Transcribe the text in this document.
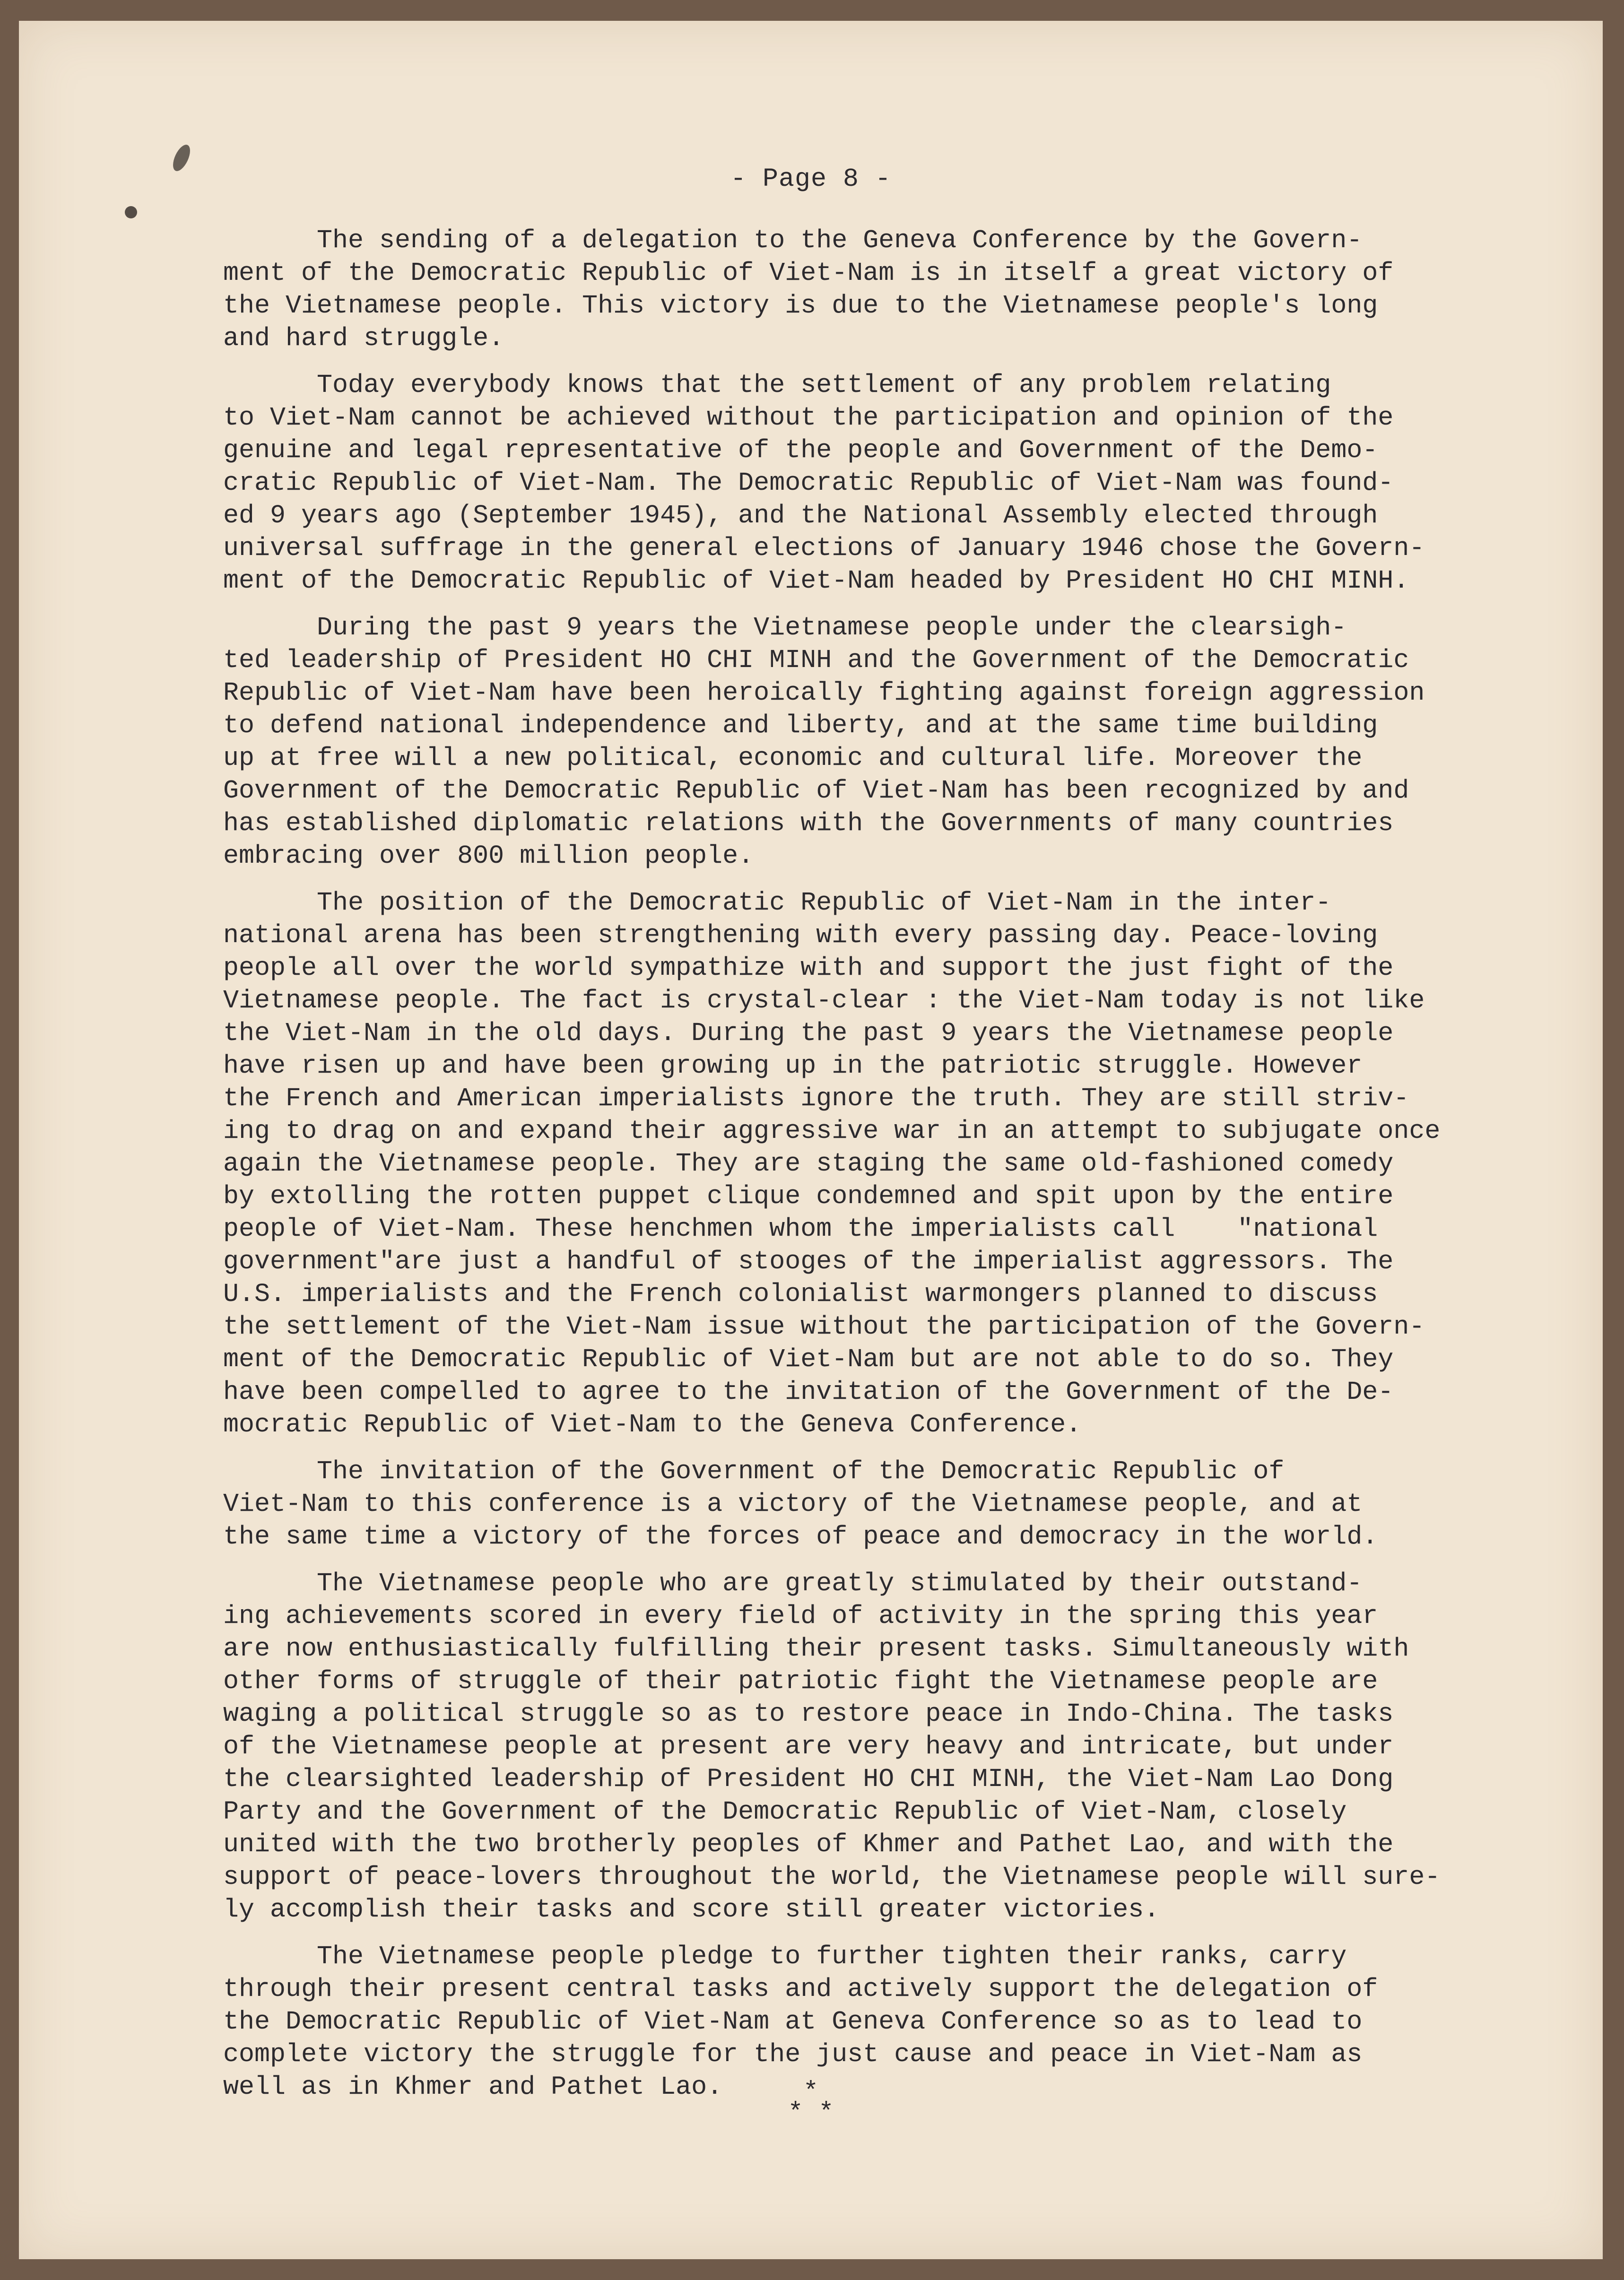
- Page 8 -

The sending of a delegation to the Geneva Conference by the Govern-
ment of the Democratic Republic of Viet-Nam is in itself a great victory of
the Vietnamese people. This victory is due to the Vietnamese people's long
and hard struggle.

Today everybody knows that the settlement of any problem relating
to Viet-Nam cannot be achieved without the participation and opinion of the
genuine and legal representative of the people and Government of the Demo-
cratic Republic of Viet-Nam. The Democratic Republic of Viet-Nam was found-
ed 9 years ago (September 1945), and the National Assembly elected through
universal suffrage in the general elections of January 1946 chose the Govern-
ment of the Democratic Republic of Viet-Nam headed by President HO CHI MINH.

During the past 9 years the Vietnamese people under the clearsigh-
ted leadership of President HO CHI MINH and the Government of the Democratic
Republic of Viet-Nam have been heroically fighting against foreign aggression
to defend national independence and liberty, and at the same time building
up at free will a new political, economic and cultural life. Moreover the
Government of the Democratic Republic of Viet-Nam has been recognized by and
has established diplomatic relations with the Governments of many countries
embracing over 800 million people.

The position of the Democratic Republic of Viet-Nam in the inter-
national arena has been strengthening with every passing day. Peace-loving
people all over the world sympathize with and support the just fight of the
Vietnamese people. The fact is crystal-clear : the Viet-Nam today is not like
the Viet-Nam in the old days. During the past 9 years the Vietnamese people
have risen up and have been growing up in the patriotic struggle. However
the French and American imperialists ignore the truth. They are still striv-
ing to drag on and expand their aggressive war in an attempt to subjugate once
again the Vietnamese people. They are staging the same old-fashioned comedy
by extolling the rotten puppet clique condemned and spit upon by the entire
people of Viet-Nam. These henchmen whom the imperialists call    "national
government"are just a handful of stooges of the imperialist aggressors. The
U.S. imperialists and the French colonialist warmongers planned to discuss
the settlement of the Viet-Nam issue without the participation of the Govern-
ment of the Democratic Republic of Viet-Nam but are not able to do so. They
have been compelled to agree to the invitation of the Government of the De-
mocratic Republic of Viet-Nam to the Geneva Conference.

The invitation of the Government of the Democratic Republic of
Viet-Nam to this conference is a victory of the Vietnamese people, and at
the same time a victory of the forces of peace and democracy in the world.

The Vietnamese people who are greatly stimulated by their outstand-
ing achievements scored in every field of activity in the spring this year
are now enthusiastically fulfilling their present tasks. Simultaneously with
other forms of struggle of their patriotic fight the Vietnamese people are
waging a political struggle so as to restore peace in Indo-China. The tasks
of the Vietnamese people at present are very heavy and intricate, but under
the clearsighted leadership of President HO CHI MINH, the Viet-Nam Lao Dong
Party and the Government of the Democratic Republic of Viet-Nam, closely
united with the two brotherly peoples of Khmer and Pathet Lao, and with the
support of peace-lovers throughout the world, the Vietnamese people will sure-
ly accomplish their tasks and score still greater victories.

The Vietnamese people pledge to further tighten their ranks, carry
through their present central tasks and actively support the delegation of
the Democratic Republic of Viet-Nam at Geneva Conference so as to lead to
complete victory the struggle for the just cause and peace in Viet-Nam as
well as in Khmer and Pathet Lao.	*
* *
